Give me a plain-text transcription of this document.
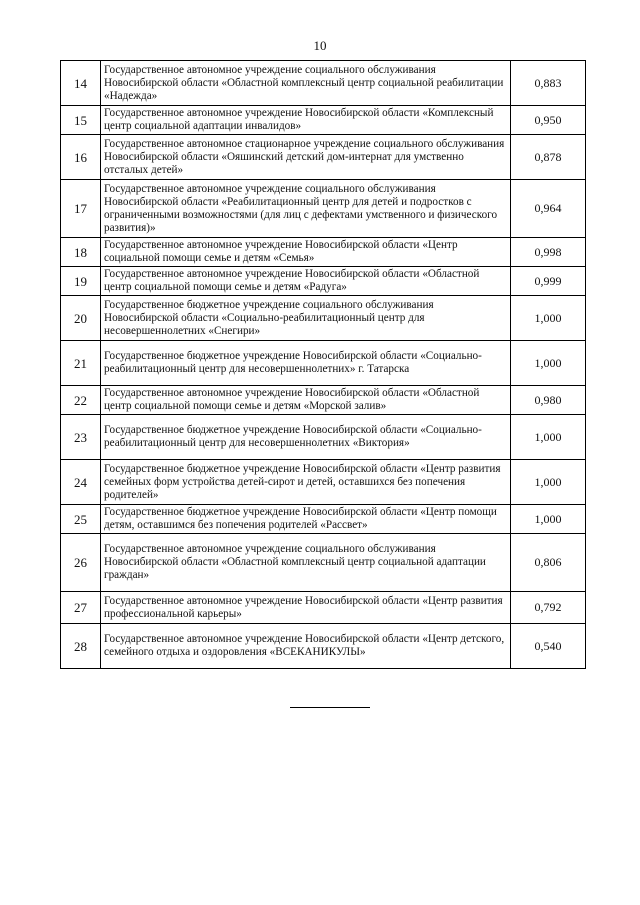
10
14	Государственное автономное учреждение социального обслуживания Новосибирской области «Областной комплексный центр социальной реабилитации «Надежда»	0,883
15	Государственное автономное учреждение Новосибирской области «Комплексный центр социальной адаптации инвалидов»	0,950
16	Государственное автономное стационарное учреждение социального обслуживания Новосибирской области «Ояшинский детский дом-интернат для умственно отсталых детей»	0,878
17	Государственное автономное учреждение социального обслуживания Новосибирской области «Реабилитационный центр для детей и подростков с ограниченными возможностями (для лиц с дефектами умственного и физического развития)»	0,964
18	Государственное автономное учреждение Новосибирской области «Центр социальной помощи семье и детям «Семья»	0,998
19	Государственное автономное учреждение Новосибирской области «Областной центр социальной помощи семье и детям «Радуга»	0,999
20	Государственное бюджетное учреждение социального обслуживания Новосибирской области «Социально-реабилитационный центр для несовершеннолетних «Снегири»	1,000
21	Государственное бюджетное учреждение Новосибирской области «Социально-реабилитационный центр для несовершеннолетних» г. Татарска	1,000
22	Государственное автономное учреждение Новосибирской области «Областной центр социальной помощи семье и детям «Морской залив»	0,980
23	Государственное бюджетное учреждение Новосибирской области «Социально-реабилитационный центр для несовершеннолетних «Виктория»	1,000
24	Государственное бюджетное учреждение Новосибирской области «Центр развития семейных форм устройства детей-сирот и детей, оставшихся без попечения родителей»	1,000
25	Государственное бюджетное учреждение Новосибирской области «Центр помощи детям, оставшимся без попечения родителей «Рассвет»	1,000
26	Государственное автономное учреждение социального обслуживания Новосибирской области «Областной комплексный центр социальной адаптации граждан»	0,806
27	Государственное автономное учреждение Новосибирской области «Центр развития профессиональной карьеры»	0,792
28	Государственное автономное учреждение Новосибирской области «Центр детского, семейного отдыха и оздоровления «ВСЕКАНИКУЛЫ»	0,540
